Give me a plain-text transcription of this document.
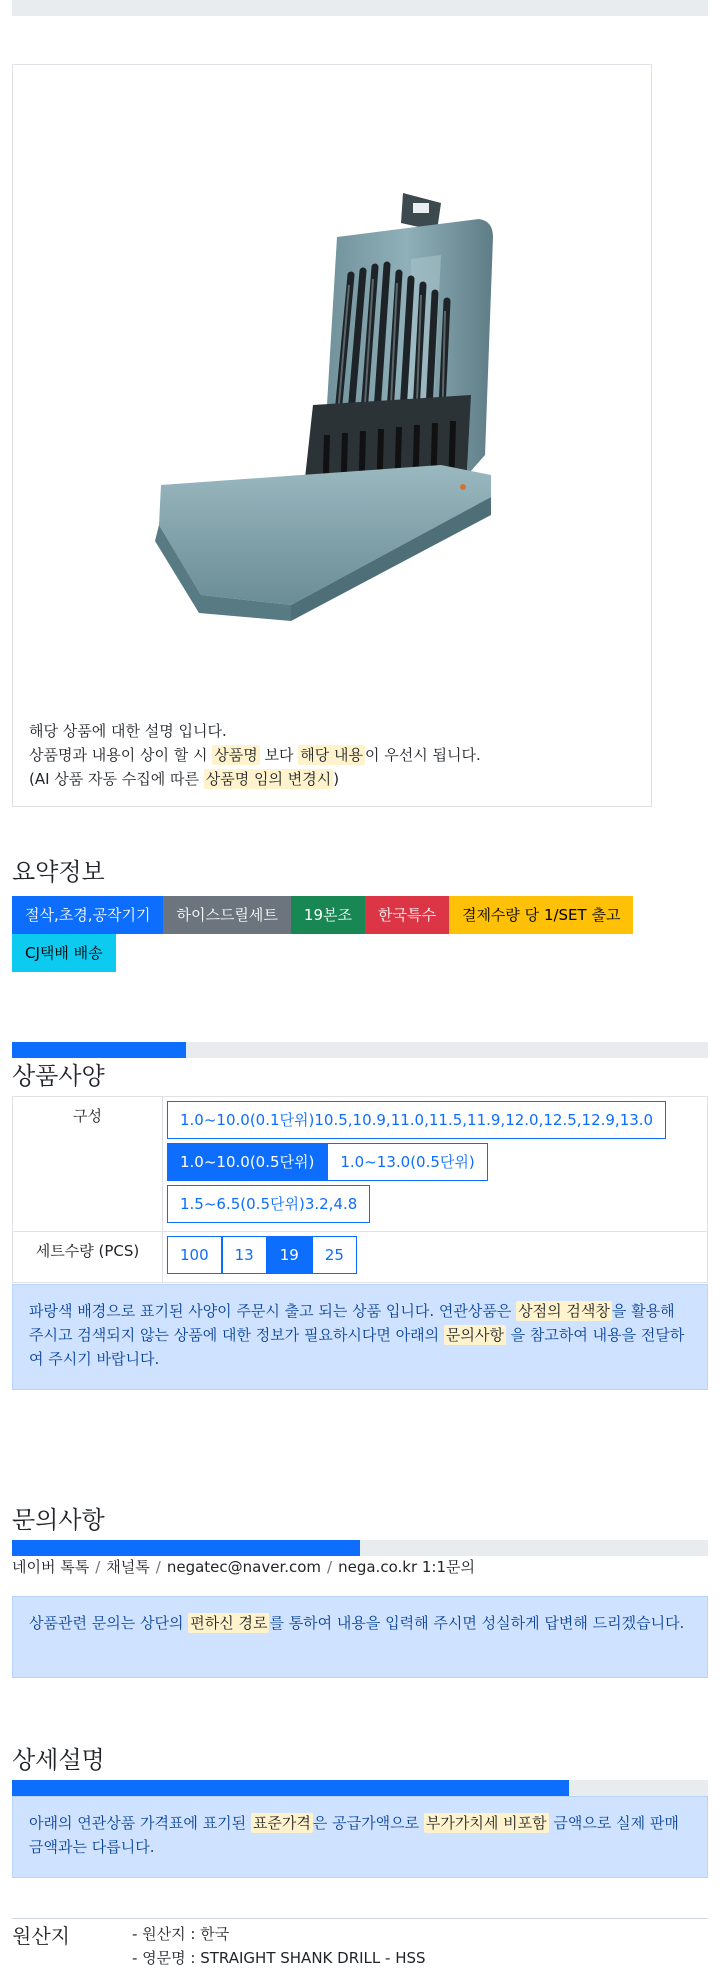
해당 상품에 대한 설명 입니다.
상품명과 내용이 상이 할 시 상품명 보다 해당 내용 이 우선시 됩니다.
(AI 상품 자동 수집에 따른 상품명 임의 변경시 )
요약정보
절삭,초경,공작기기	하이스드릴세트	19본조	한국특수	결제수량 당 1/SET 출고
CJ택배 배송
상품사양
구성	1.0~10.0(0.1단위)10.5,10.9,11.0,11.5,11.9,12.0,12.5,12.9,13.0
1.0~10.0(0.5단위) 1.0~13.0(0.5단위)
1.5~6.5(0.5단위)3.2,4.8

세트수량 (PCS)	100 13 19 25
파랑색 배경으로 표기된 사양이 주문시 출고 되는 상품 입니다. 연관상품은 상점의 검색창 을 활용해 주시고 검색되지 않는 상품에 대한 정보가 필요하시다면 아래의 문의사항 을 참고하여 내용을 전달하여 주시기 바랍니다.
문의사항
네이버 톡톡 / 채널톡 / negatec@naver.com / nega.co.kr 1:1문의
상품관련 문의는 상단의 편하신 경로 를 통하여 내용을 입력해 주시면 성실하게 답변해 드리겠습니다.
상세설명
아래의 연관상품 가격표에 표기된 표준가격 은 공급가액으로 부가가치세 비포함 금액으로 실제 판매금액과는 다릅니다.
원산지	- 원산지 : 한국
- 영문명 : STRAIGHT SHANK DRILL - HSS
